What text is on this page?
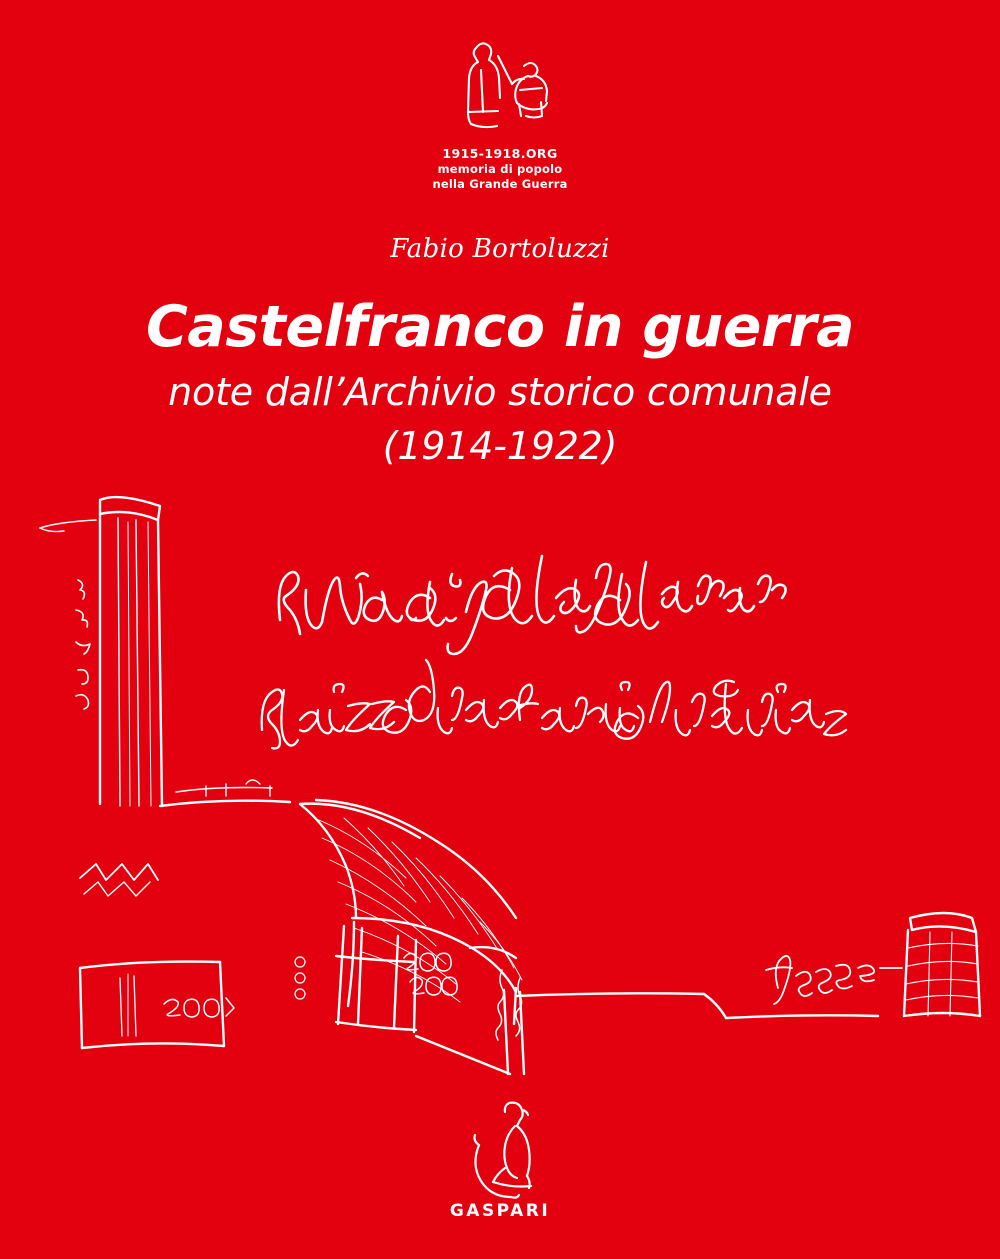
1915-1918.ORG
memoria di popolo
nella Grande Guerra
Fabio Bortoluzzi
Castelfranco in guerra
note dall’Archivio storico comunale
(1914-1922)
GASPARI
